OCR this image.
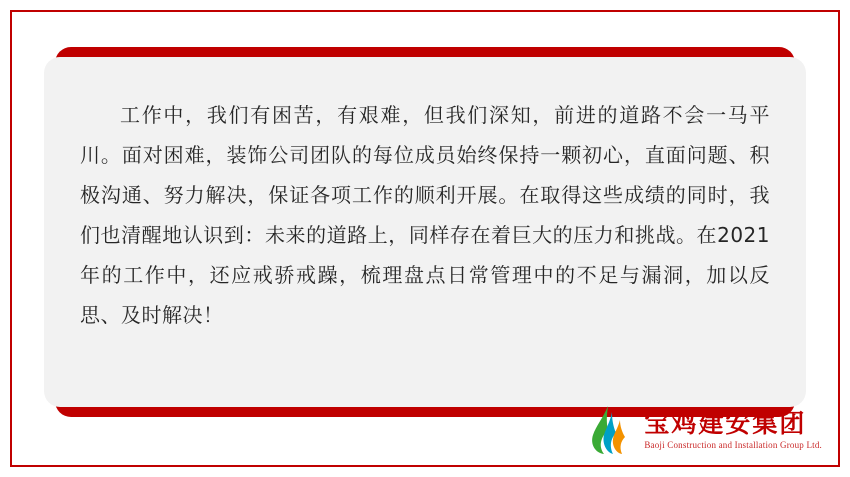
工作中，我们有困苦，有艰难，但我们深知，前进的道路不会一马平川。面对困难，装饰公司团队的每位成员始终保持一颗初心，直面问题、积极沟通、努力解决，保证各项工作的顺利开展。在取得这些成绩的同时，我们也清醒地认识到：未来的道路上，同样存在着巨大的压力和挑战。在2021年的工作中，还应戒骄戒躁，梳理盘点日常管理中的不足与漏洞，加以反思、及时解决！
宝鸡建安集团
Baoji Construction and Installation Group Ltd.
